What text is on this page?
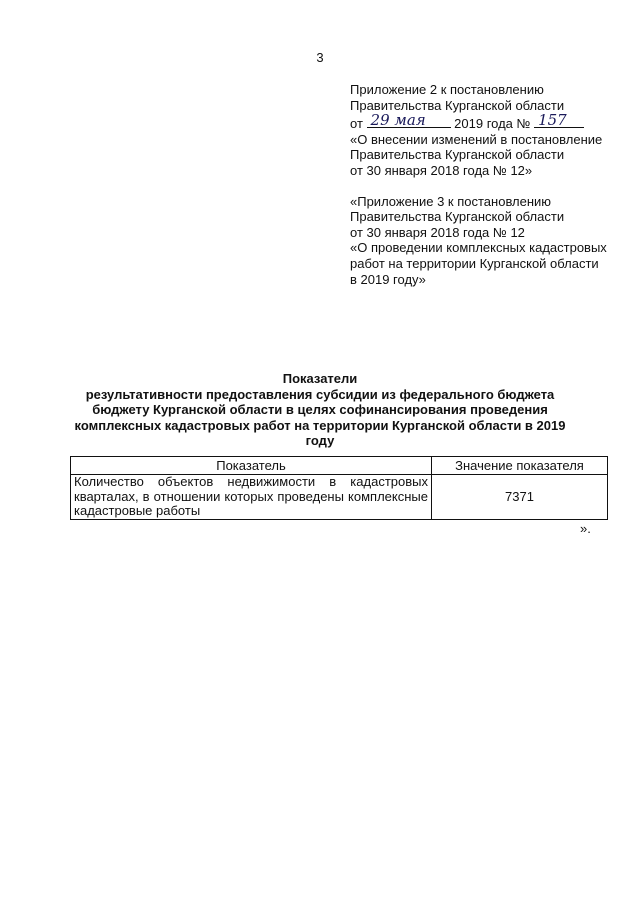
3
Приложение 2 к постановлению
Правительства Курганской области
от 29 мая 2019 года № 157
«О внесении изменений в постановление
Правительства Курганской области
от 30 января 2018 года № 12»
«Приложение 3 к постановлению
Правительства Курганской области
от 30 января 2018 года № 12
«О проведении комплексных кадастровых
работ на территории Курганской области
в 2019 году»
Показатели
результативности предоставления субсидии из федерального бюджета
бюджету Курганской области в целях софинансирования проведения
комплексных кадастровых работ на территории Курганской области в 2019 году
Показатель	Значение показателя
Количество объектов недвижимости в кадастровых кварталах, в отношении которых проведены комплексные кадастровые работы	7371
».
